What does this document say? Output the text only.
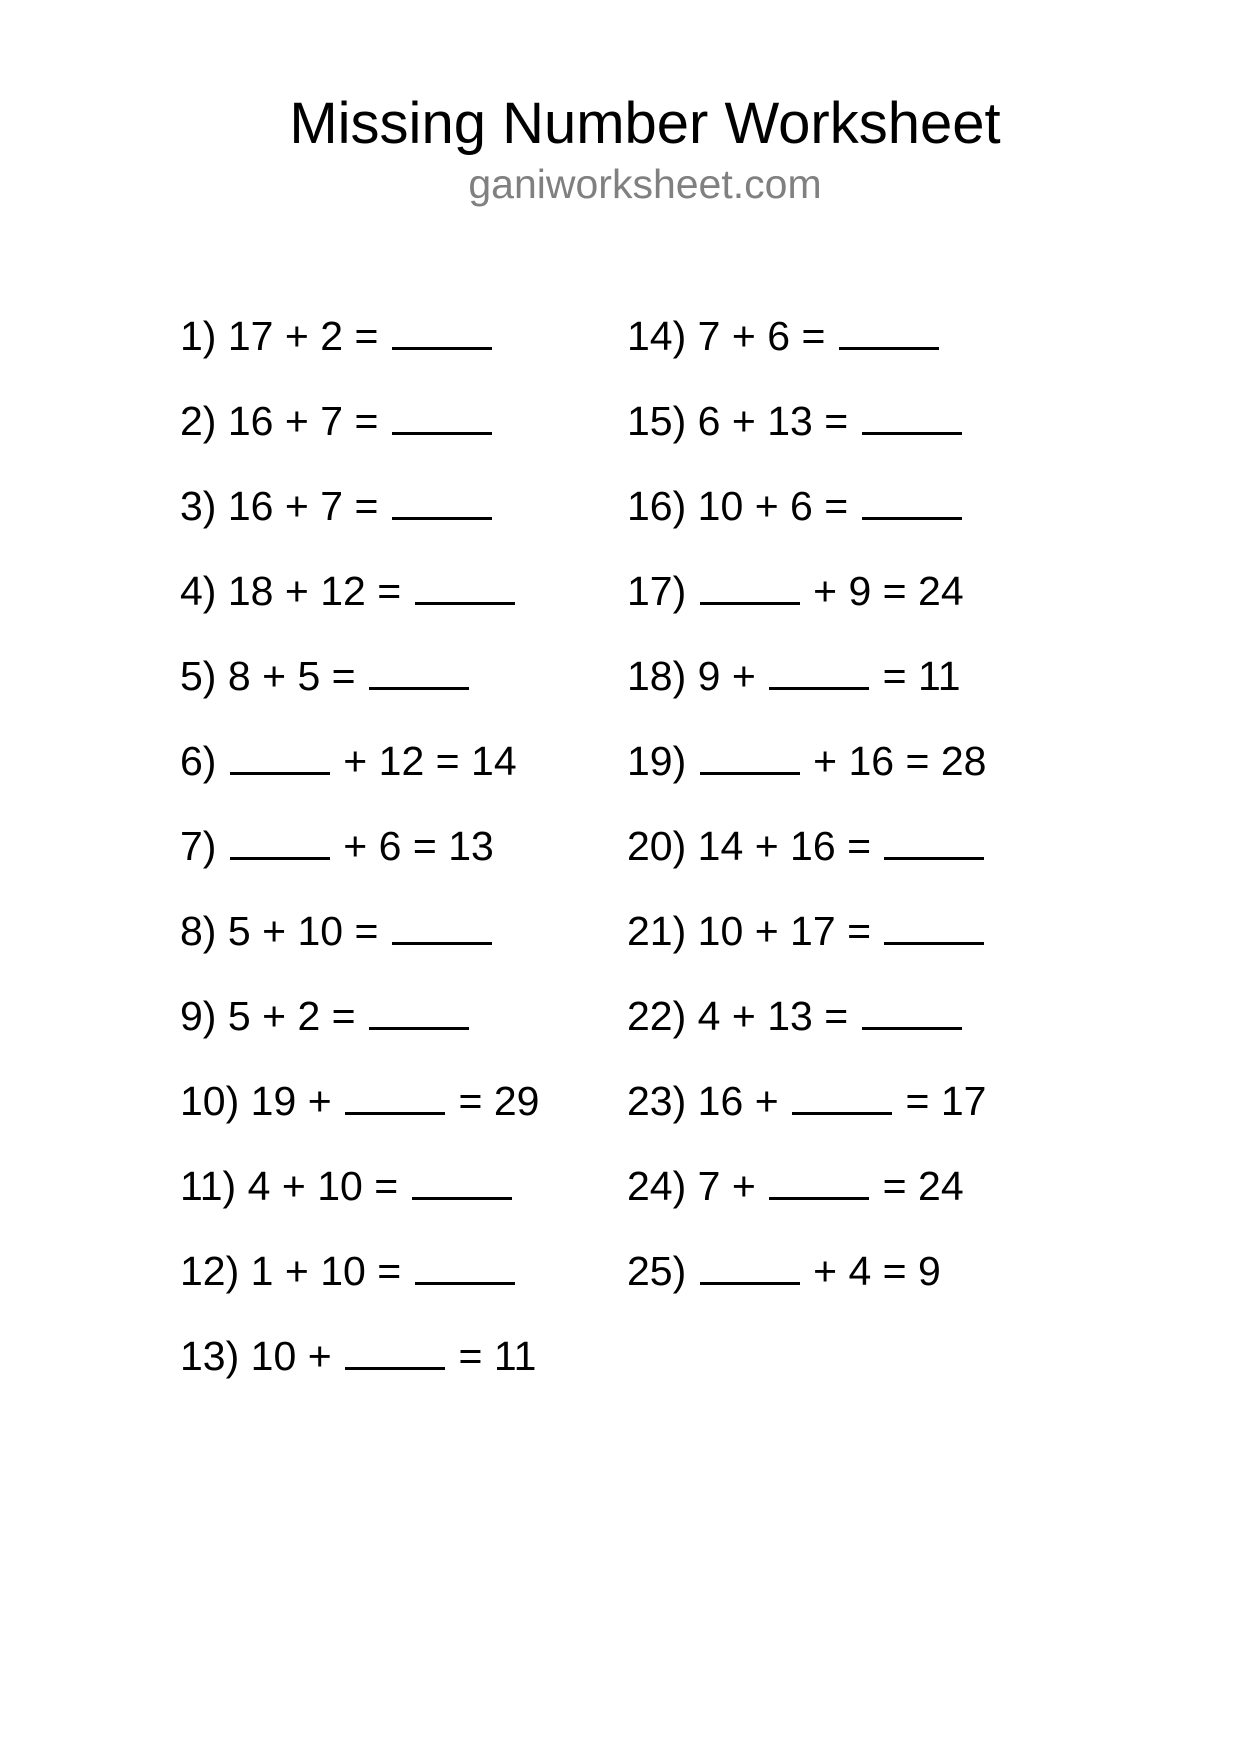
Missing Number Worksheet
ganiworksheet.com
1) 17 + 2 =
2) 16 + 7 =
3) 16 + 7 =
4) 18 + 12 =
5) 8 + 5 =
6)	+ 12 = 14
7)	+ 6 = 13
8) 5 + 10 =
9) 5 + 2 =
10) 19 +	= 29
11) 4 + 10 =
12) 1 + 10 =
13) 10 +	= 11
14) 7 + 6 =
15) 6 + 13 =
16) 10 + 6 =
17)	+ 9 = 24
18) 9 +	= 11
19)	+ 16 = 28
20) 14 + 16 =
21) 10 + 17 =
22) 4 + 13 =
23) 16 +	= 17
24) 7 +	= 24
25)	+ 4 = 9
